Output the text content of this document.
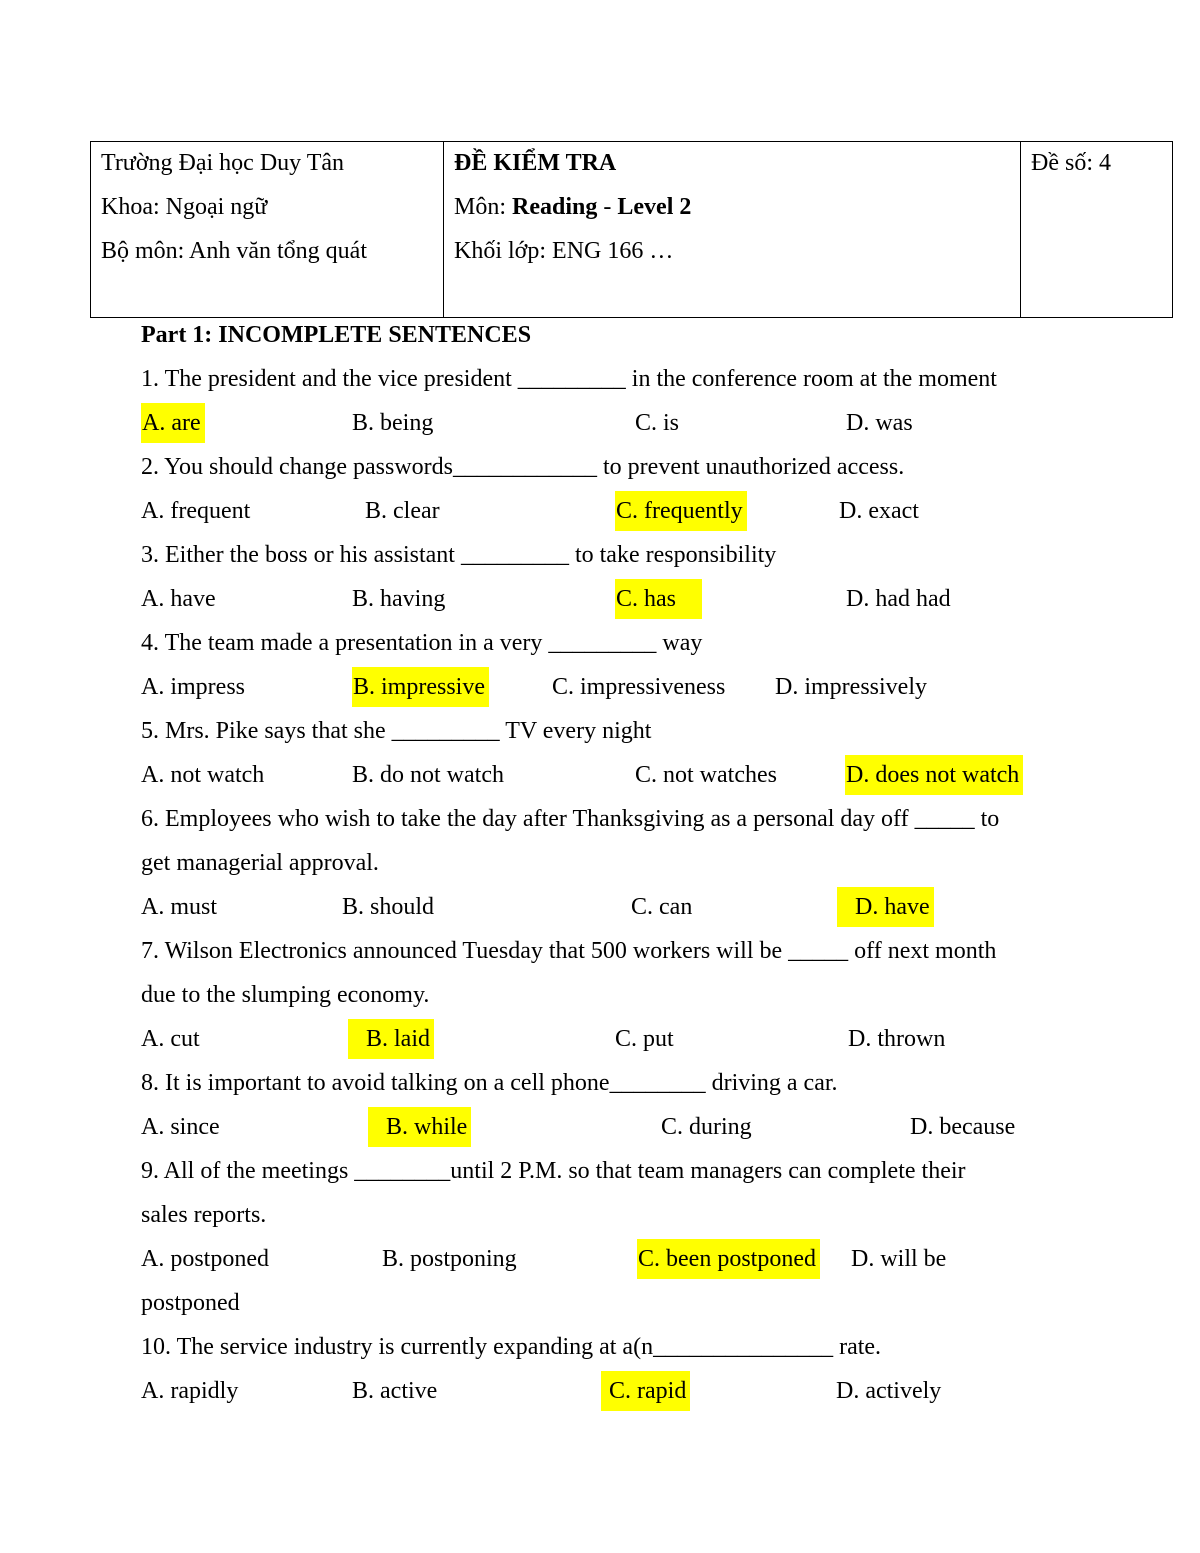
Trường Đại học Duy Tân
Khoa: Ngoại ngữ
Bộ môn: Anh văn tổng quát
ĐỀ KIỂM TRA
Môn: Reading - Level 2
Khối lớp: ENG 166 …
Đề số: 4
Part 1: INCOMPLETE SENTENCES
1. The president and the vice president _________ in the conference room at the moment
A. are	B. being	C. is	D. was
2. You should change passwords____________ to prevent unauthorized access.
A. frequent	B. clear	C. frequently	D. exact
3. Either the boss or his assistant _________ to take responsibility
A. have	B. having	C. has	D. had had
4. The team made a presentation in a very _________ way
A. impress	B. impressive	C. impressiveness D. impressively
5. Mrs. Pike says that she _________ TV every night
A. not watch	B. do not watch	C. not watches	D. does not watch
6. Employees who wish to take the day after Thanksgiving as a personal day off _____ to
get managerial approval.
A. must	B. should	C. can	D. have
7. Wilson Electronics announced Tuesday that 500 workers will be _____ off next month
due to the slumping economy.
A. cut	B. laid	C. put	D. thrown
8. It is important to avoid talking on a cell phone________ driving a car.
A. since	B. while	C. during	D. because
9. All of the meetings ________until 2 P.M. so that team managers can complete their
sales reports.
A. postponed	B. postponing	C. been postponed D. will be
postponed
10. The service industry is currently expanding at a(n_______________ rate.
A. rapidly	B. active	C. rapid	D. actively
